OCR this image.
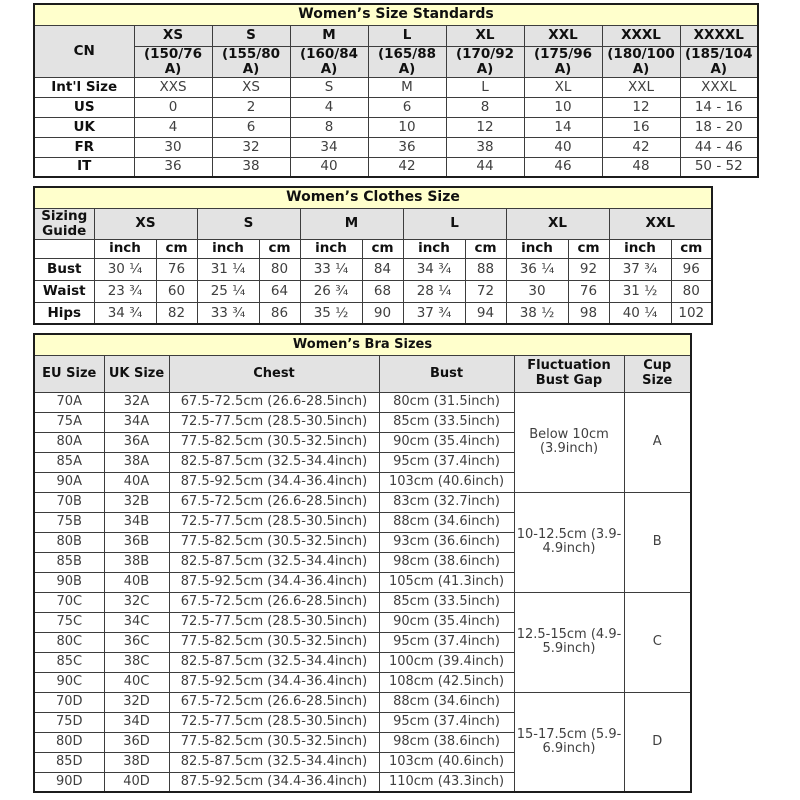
Women’s Size Standards								
CN	XS	S	M	L	XL	XXL	XXXL	XXXXL
	(150/76A)	(155/80A)	(160/84A)	(165/88A)	(170/92A)	(175/96A)	(180/100A)	(185/104A)
Int'l Size	XXS	XS	S	M	L	XL	XXL	XXXL
US	0	2	4	6	8	10	12	14 - 16
UK	4	6	8	10	12	14	16	18 - 20
FR	30	32	34	36	38	40	42	44 - 46
IT	36	38	40	42	44	46	48	50 - 52
Women’s Clothes Size												
Sizing Guide	XS		S		M		L		XL		XXL	
	inch	cm	inch	cm	inch	cm	inch	cm	inch	cm	inch	cm
Bust	30 ¼	76	31 ¼	80	33 ¼	84	34 ¾	88	36 ¼	92	37 ¾	96
Waist	23 ¾	60	25 ¼	64	26 ¾	68	28 ¼	72	30	76	31 ½	80
Hips	34 ¾	82	33 ¾	86	35 ½	90	37 ¾	94	38 ½	98	40 ¼	102
Women’s Bra Sizes					
EU Size	UK Size	Chest	Bust	Fluctuation Bust Gap	Cup Size
70A	32A	67.5-72.5cm (26.6-28.5inch)	80cm (31.5inch)	Below 10cm (3.9inch)	A
75A	34A	72.5-77.5cm (28.5-30.5inch)	85cm (33.5inch)		
80A	36A	77.5-82.5cm (30.5-32.5inch)	90cm (35.4inch)		
85A	38A	82.5-87.5cm (32.5-34.4inch)	95cm (37.4inch)		
90A	40A	87.5-92.5cm (34.4-36.4inch)	103cm (40.6inch)		
70B	32B	67.5-72.5cm (26.6-28.5inch)	83cm (32.7inch)	10-12.5cm (3.9-4.9inch)	B
75B	34B	72.5-77.5cm (28.5-30.5inch)	88cm (34.6inch)		
80B	36B	77.5-82.5cm (30.5-32.5inch)	93cm (36.6inch)		
85B	38B	82.5-87.5cm (32.5-34.4inch)	98cm (38.6inch)		
90B	40B	87.5-92.5cm (34.4-36.4inch)	105cm (41.3inch)		
70C	32C	67.5-72.5cm (26.6-28.5inch)	85cm (33.5inch)	12.5-15cm (4.9-5.9inch)	C
75C	34C	72.5-77.5cm (28.5-30.5inch)	90cm (35.4inch)		
80C	36C	77.5-82.5cm (30.5-32.5inch)	95cm (37.4inch)		
85C	38C	82.5-87.5cm (32.5-34.4inch)	100cm (39.4inch)		
90C	40C	87.5-92.5cm (34.4-36.4inch)	108cm (42.5inch)		
70D	32D	67.5-72.5cm (26.6-28.5inch)	88cm (34.6inch)	15-17.5cm (5.9-6.9inch)	D
75D	34D	72.5-77.5cm (28.5-30.5inch)	95cm (37.4inch)		
80D	36D	77.5-82.5cm (30.5-32.5inch)	98cm (38.6inch)		
85D	38D	82.5-87.5cm (32.5-34.4inch)	103cm (40.6inch)		
90D	40D	87.5-92.5cm (34.4-36.4inch)	110cm (43.3inch)		
